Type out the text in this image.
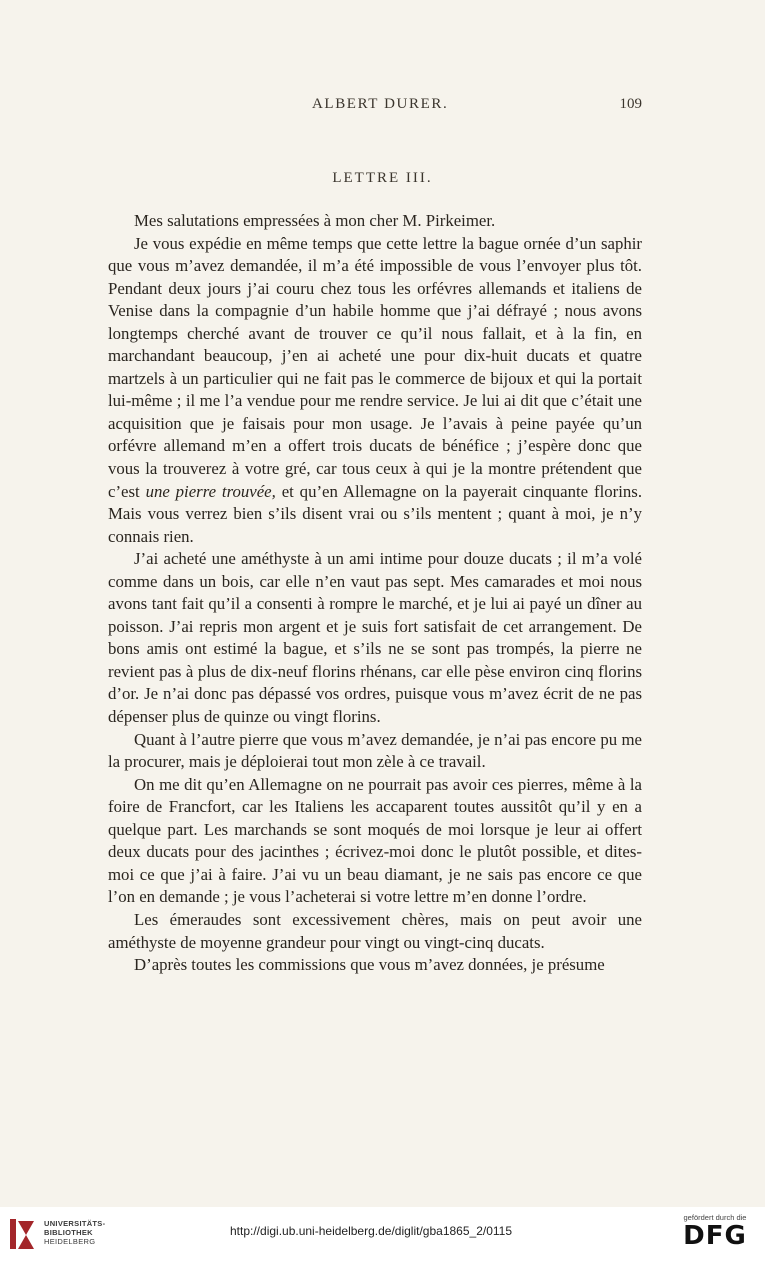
ALBERT DURER.	109
LETTRE III.

Mes salutations empressées à mon cher M. Pirkeimer.

Je vous expédie en même temps que cette lettre la bague ornée d’un saphir que vous m’avez demandée, il m’a été impossible de vous l’envoyer plus tôt. Pendant deux jours j’ai couru chez tous les orfévres allemands et italiens de Venise dans la compagnie d’un habile homme que j’ai défrayé ; nous avons longtemps cherché avant de trouver ce qu’il nous fallait, et à la fin, en marchandant beaucoup, j’en ai acheté une pour dix-huit ducats et quatre martzels à un particulier qui ne fait pas le commerce de bijoux et qui la portait lui-même ; il me l’a vendue pour me rendre service. Je lui ai dit que c’était une acquisition que je faisais pour mon usage. Je l’avais à peine payée qu’un orfévre allemand m’en a offert trois ducats de bénéfice ; j’espère donc que vous la trouverez à votre gré, car tous ceux à qui je la montre prétendent que c’est une pierre trouvée, et qu’en Allemagne on la payerait cinquante florins. Mais vous verrez bien s’ils disent vrai ou s’ils mentent ; quant à moi, je n’y connais rien.

J’ai acheté une améthyste à un ami intime pour douze ducats ; il m’a volé comme dans un bois, car elle n’en vaut pas sept. Mes camarades et moi nous avons tant fait qu’il a consenti à rompre le marché, et je lui ai payé un dîner au poisson. J’ai repris mon argent et je suis fort satisfait de cet arrangement. De bons amis ont estimé la bague, et s’ils ne se sont pas trompés, la pierre ne revient pas à plus de dix-neuf florins rhénans, car elle pèse environ cinq florins d’or. Je n’ai donc pas dépassé vos ordres, puisque vous m’avez écrit de ne pas dépenser plus de quinze ou vingt florins.

Quant à l’autre pierre que vous m’avez demandée, je n’ai pas encore pu me la procurer, mais je déploierai tout mon zèle à ce travail.

On me dit qu’en Allemagne on ne pourrait pas avoir ces pierres, même à la foire de Francfort, car les Italiens les accaparent toutes aussitôt qu’il y en a quelque part. Les marchands se sont moqués de moi lorsque je leur ai offert deux ducats pour des jacinthes ; écrivez-moi donc le plutôt possible, et dites-moi ce que j’ai à faire. J’ai vu un beau diamant, je ne sais pas encore ce que l’on en demande ; je vous l’acheterai si votre lettre m’en donne l’ordre.

Les émeraudes sont excessivement chères, mais on peut avoir une améthyste de moyenne grandeur pour vingt ou vingt-cinq ducats.

D’après toutes les commissions que vous m’avez données, je présume

UNIVERSITÄTS-
BIBLIOTHEK
HEIDELBERG
http://digi.ub.uni-heidelberg.de/diglit/gba1865_2/0115
gefördert durch die
DFG
